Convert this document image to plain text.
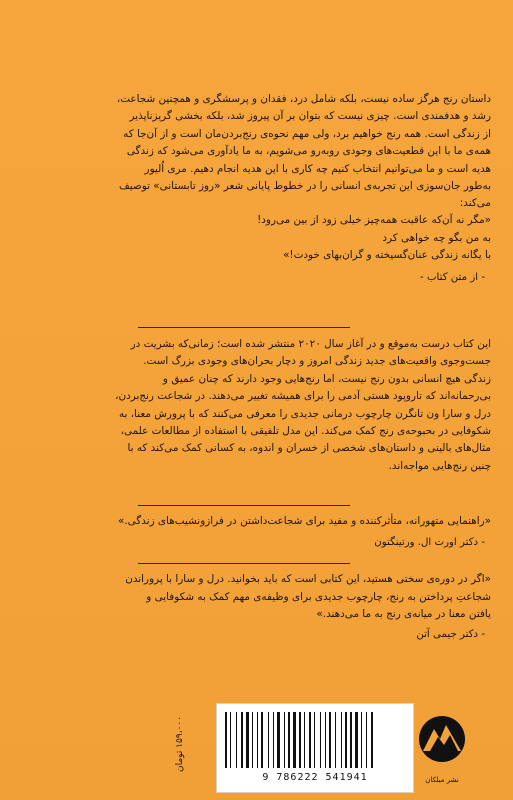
داستان رنج هرگز ساده نیست، بلکه شامل درد، فقدان و پرسشگری و همچنین شجاعت،

رشد و هدفمندی است. چیزی نیست که بتوان بر آن پیروز شد، بلکه بخشی گریزناپذیر

از زندگی است. همه رنج خواهیم برد، ولی مهم نحوه‌ی رنج‌بردن‌مان است و از آن‌جا که

همه‌ی ما با این قطعیت‌های وجودی روبه‌رو می‌شویم، به ما یادآوری می‌شود که زندگی

هدیه است و ما می‌توانیم انتخاب کنیم چه کاری با این هدیه انجام دهیم. مری اُلیور

به‌طور جان‌سوزی این تجربه‌ی انسانی را در خطوط پایانی شعر «روز تابستانی» توصیف

می‌کند:

«مگر نه آن‌که عاقبت همه‌چیز خیلی زود از بین می‌رود!

به من بگو چه خواهی کرد

با یگانه زندگی عنان‌گسیخته و گران‌بهای خودت!»

- از متن کتاب -

این کتاب درست به‌موقع و در آغاز سال ۲۰۲۰ منتشر شده است؛ زمانی‌که بشریت در

جست‌وجوی واقعیت‌های جدید زندگی امروز و دچار بحران‌های وجودی بزرگ است.

زندگی هیچ انسانی بدون رنج نیست، اما رنج‌هایی وجود دارند که چنان عمیق و

بی‌رحمانه‌اند که تاروپود هستی آدمی را برای همیشه تغییر می‌دهند. در شجاعت رنج‌بردن،

درل و سارا ون تانگرن چارچوب درمانی جدیدی را معرفی می‌کنند که با پرورش معنا، به

شکوفایی در بحبوحه‌ی رنج کمک می‌کند. این مدل تلفیقی با استفاده از مطالعات علمی،

مثال‌های بالینی و داستان‌های شخصی از خسران و اندوه، به کسانی کمک می‌کند که با

چنین رنج‌هایی مواجه‌اند.

«راهنمایی متهورانه، متأثرکننده و مفید برای شجاعت‌داشتن در فرازونشیب‌های زندگی.»

- دکتر اورت ال. ورتینگتون

«اگر در دوره‌ی سختی هستید، این کتابی است که باید بخوانید. درل و سارا با پروراندن

شجاعتِ پرداختن به رنج، چارچوب جدیدی برای وظیفه‌ی مهم کمک به شکوفایی و

یافتن معنا در میانه‌ی رنج به ما می‌دهند.»

- دکتر جیمی آتن

۱۵۹،۰۰۰ تومان
9 786222 541941	نشر میلکان
